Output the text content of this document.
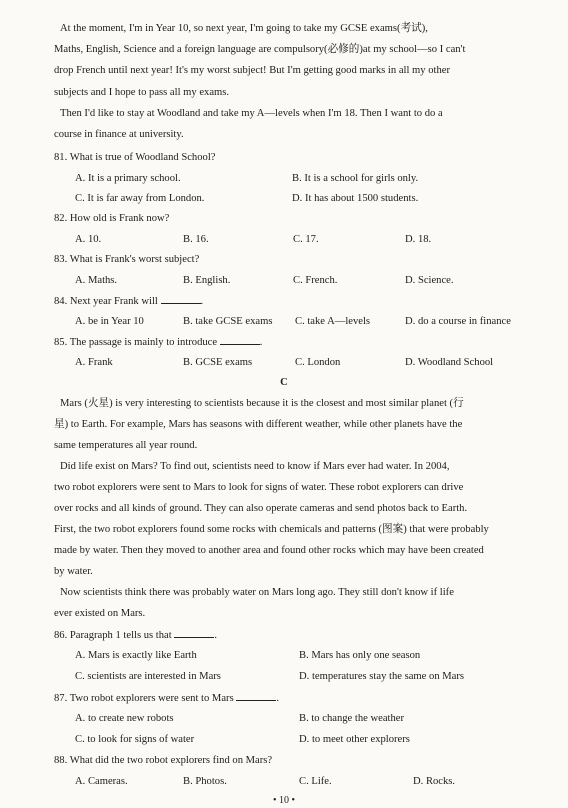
At the moment, I'm in Year 10, so next year, I'm going to take my GCSE exams(考试),
Maths, English, Science and a foreign language are compulsory(必修的)at my school—so I can't
drop French until next year! It's my worst subject! But I'm getting good marks in all my other
subjects and I hope to pass all my exams.
Then I'd like to stay at Woodland and take my A—levels when I'm 18. Then I want to do a
course in finance at university.
81. What is true of Woodland School?
A. It is a primary school.	B. It is a school for girls only.
C. It is far away from London.	D. It has about 1500 students.
82. How old is Frank now?
A. 10.	B. 16.	C. 17.	D. 18.
83. What is Frank's worst subject?
A. Maths.	B. English.	C. French.	D. Science.
84. Next year Frank will	.
A. be in Year 10	B. take GCSE exams C. take A—levels	D. do a course in finance
85. The passage is mainly to introduce	.
A. Frank	B. GCSE exams	C. London	D. Woodland School
C
Mars (火星) is very interesting to scientists because it is the closest and most similar planet (行
星) to Earth. For example, Mars has seasons with different weather, while other planets have the
same temperatures all year round.
Did life exist on Mars? To find out, scientists need to know if Mars ever had water. In 2004,
two robot explorers were sent to Mars to look for signs of water. These robot explorers can drive
over rocks and all kinds of ground. They can also operate cameras and send photos back to Earth.
First, the two robot explorers found some rocks with chemicals and patterns (图案) that were probably
made by water. Then they moved to another area and found other rocks which may have been created
by water.
Now scientists think there was probably water on Mars long ago. They still don't know if life
ever existed on Mars.
86. Paragraph 1 tells us that	.
A. Mars is exactly like Earth	B. Mars has only one season
C. scientists are interested in Mars	D. temperatures stay the same on Mars
87. Two robot explorers were sent to Mars	.
A. to create new robots	B. to change the weather
C. to look for signs of water	D. to meet other explorers
88. What did the two robot explorers find on Mars?
A. Cameras.	B. Photos.	C. Life.	D. Rocks.
• 10 •
